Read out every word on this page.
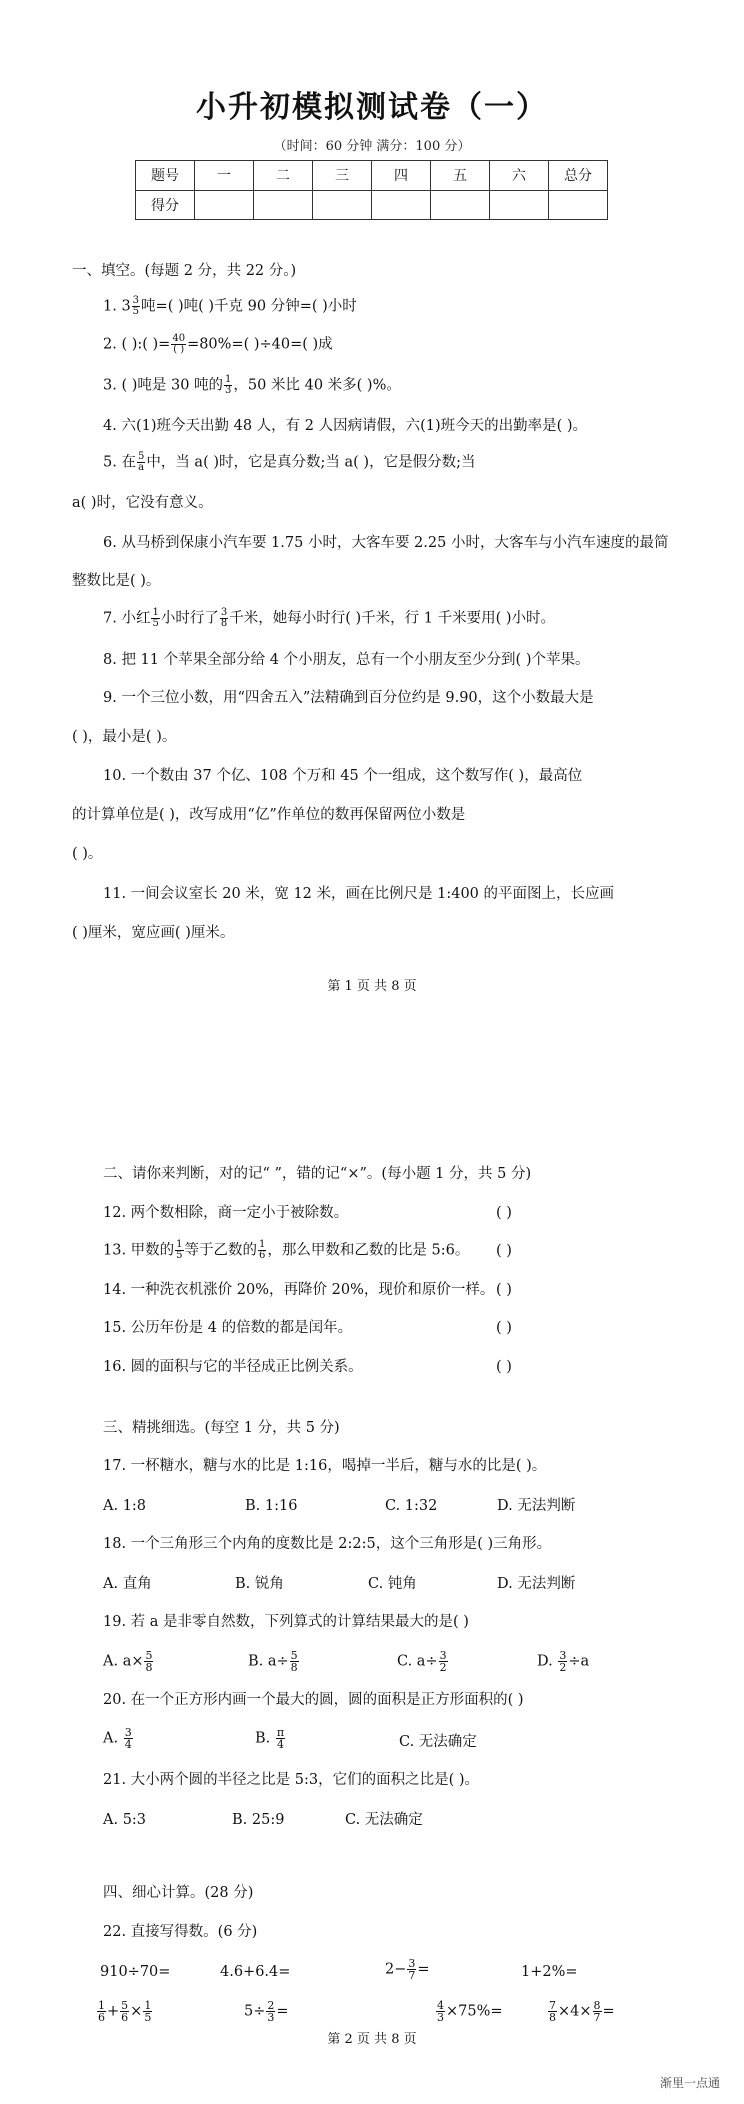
小升初模拟测试卷（一）
（时间：60 分钟 满分：100 分）
题号	一	二	三	四	五	六	总分
得分							
一、填空。(每题 2 分，共 22 分。)
1. $3 \frac{3}{5}$ 吨=( )吨( )千克 90 分钟=( )小时
2. ( ):( )= $\frac{40}{( )} =80\%=$( )÷40=( )成
3. ( )吨是 30 吨的 $\frac{1}{3}$ ，50 米比 40 米多( )%。
4. 六(1)班今天出勤 48 人，有 2 人因病请假，六(1)班今天的出勤率是( )。
5. 在 $\frac{5}{a}$ 中，当 a( )时，它是真分数;当 a( )，它是假分数;当
a( )时，它没有意义。
6. 从马桥到保康小汽车要 1.75 小时，大客车要 2.25 小时，大客车与小汽车速度的最简
整数比是( )。
7. 小红 $\frac{1}{5}$ 小时行了 $\frac{3}{8}$ 千米，她每小时行( )千米，行 1 千米要用( )小时。
8. 把 11 个苹果全部分给 4 个小朋友，总有一个小朋友至少分到( )个苹果。
9. 一个三位小数，用“四舍五入”法精确到百分位约是 9.90，这个小数最大是
( )，最小是( )。
10. 一个数由 37 个亿、108 个万和 45 个一组成，这个数写作( )，最高位
的计算单位是( )，改写成用“亿”作单位的数再保留两位小数是
( )。
11. 一间会议室长 20 米，宽 12 米，画在比例尺是 1:400 的平面图上，长应画
( )厘米，宽应画( )厘米。
第 1 页 共 8 页
二、请你来判断，对的记“ ”，错的记“×”。(每小题 1 分，共 5 分)
12. 两个数相除，商一定小于被除数。	( )
13. 甲数的 $\frac{1}{5}$ 等于乙数的 $\frac{1}{6}$ ，那么甲数和乙数的比是 5:6。 ( )
14. 一种洗衣机涨价 20%，再降价 20%，现价和原价一样。 ( )
15. 公历年份是 4 的倍数的都是闰年。	( )
16. 圆的面积与它的半径成正比例关系。	( )
三、精挑细选。(每空 1 分，共 5 分)
17. 一杯糖水，糖与水的比是 1:16，喝掉一半后，糖与水的比是( )。
A. 1:8	B. 1:16	C. 1:32	D. 无法判断
18. 一个三角形三个内角的度数比是 2:2:5，这个三角形是( )三角形。
A. 直角	B. 锐角	C. 钝角	D. 无法判断
19. 若 a 是非零自然数，下列算式的计算结果最大的是( )
A. $a\times \frac{5}{8}$	B. $a\div \frac{5}{8}$	C. $a\div \frac{3}{2}$	D. $\frac{3}{2} \div a$
20. 在一个正方形内画一个最大的圆，圆的面积是正方形面积的( )
A. $\frac{3}{4}$	B. $\frac{\pi}{4}$	C. 无法确定
21. 大小两个圆的半径之比是 5:3，它们的面积之比是( )。
A. 5:3	B. 25:9	C. 无法确定
四、细心计算。(28 分)
22. 直接写得数。(6 分)
910÷70=	4.6+6.4=	$2- \frac{3}{7}$ =	1+2%=
$\frac{1}{6} + \frac{5}{6} \times \frac{1}{5}$	$5\div \frac{2}{3}$ =	$\frac{4}{3} \times 75\%=$	$\frac{7}{8} \times 4\times \frac{8}{7}$ =
第 2 页 共 8 页
渐里一点通
